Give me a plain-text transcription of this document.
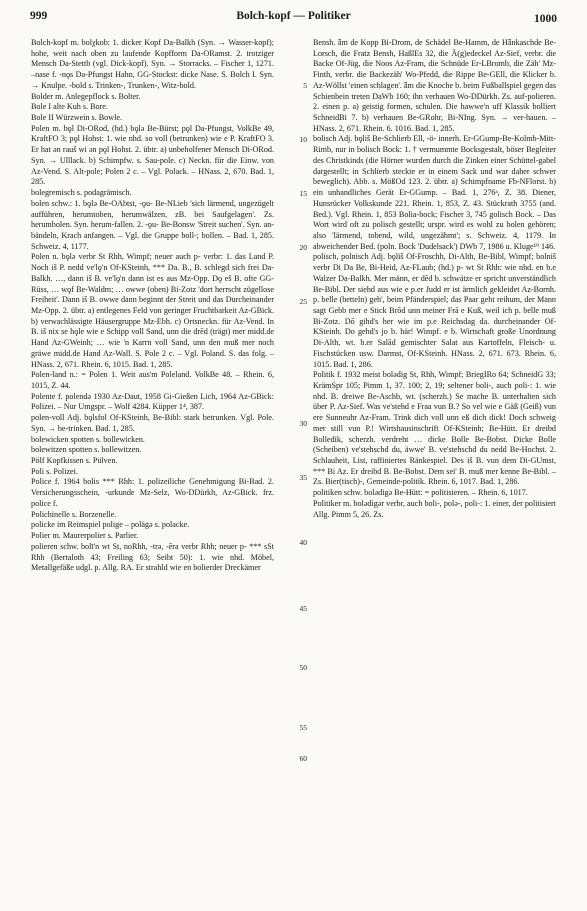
999	Bolch-kopf — Politiker	1000

Bolch-kopf m. bolχkob: 1. dicker Kopf Da-Balkh (Syn. → Wasser-kopf); hohe, weit nach oben zu laufende Kopfform Da-ORamst. 2. trotziger Mensch Da-Stettb (vgl. Dick-kopf). Syn. → Storracks. – Fischer 1, 1271. –nase f. -nǫs Da-Pfungst Hahn, GG-Stockst: dicke Nase. S. Bolch I. Syn. → Knulpe. -bold s. Trinken-, Trunken-, Witz-bold.

Bolder m. Anlegepflock s. Bolter.

Bole I alte Kuh s. Bore.

Bole II Würzwein s. Bowle.

Polen m. bǫl Di-ORod, (hd.) bǫlə Be-Bürst; pǫl Da-Pfungst, VolkBe 49, KraftFO 3; pǫl Hohst: 1. wie nhd. so voll (betrunken) wie e P. KraftFO 3. Er hat ən rauš wi ən pǫl Hohst. 2. übtr. a) unbeholfener Mensch Di-ORod. Syn. → Ulllack. b) Schimpfw. s. Sau-pole. c) Neckn. für die Einw. von Az-Vend. S. Alt-pole; Polen 2 c. – Vgl. Polack. – HNass. 2, 670. Bad. 1, 285.

bolegremisch s. podagrämisch.

bolen schw.: 1. bǫlə Be-OAbtst, -ǫu- Be-NLieb 'sich lärmend, ungezügelt aufführen, herumtoben, herumwälzen, zB. bei Saufgelagen'. Zs. herumbolen. Syn. herum-fallen. 2. -ǫu- Be-Bonsw 'Streit suchen'. Syn. an-bändeln, Krach anfangen. – Vgl. die Gruppe boll-; bollen. – Bad. 1, 285. Schweiz. 4, 1177.

Polen n. bǫlə verbr St Rhh, Wimpf; neuer auch p- verbr: 1. das Land P. Noch iš P. nedd ve'lǫ'n Of-KSteinh, *** Da. B., B. schlegd sich frei Da-Balkh. …, dann iš B. ve'lǫ'n dann ist es aus Mz-Opp. Dǫ eš B. ofte GG-Rüss, … wǫf Be-Waldm; … owwe (oben) Bi-Zotz 'dort herrscht zügellose Freiheit'. Dann iš B. owwe dann beginnt der Streit und das Durcheinander Mz-Opp. 2. übtr. a) entlegenes Feld von geringer Fruchtbarkeit Az-GBick. b) verwachlässigte Häusergruppe Mz-Ebh. c) Ortsneckn. für Az-Vend. In B. iš nix se hǫle wie e Schipp voll Sand, unn die drēd (trägt) mer midd.de Hand Az-GWeinh; … wie 'n Karrn voll Sand, unn den muß mer noch gräwe midd.de Hand Az-Wall. S. Pole 2 c. – Vgl. Poland. S. das folg. – HNass. 2, 671. Rhein. 6, 1015. Bad. 1, 285.

Polen-land n.: = Polen 1. Weit aus'm Poleland. VolkBe 48. – Rhein. 6, 1015, Z. 44.

Polente f. polendə 1930 Az-Daut, 1958 Gi-Gießen Lich, 1964 Az-GBick: Polizei. – Nur Umgspr. – Wolf 4284. Küpper 1⁴, 387.

polen-voll Adj. bǫlsfol Of-KSteinh, Be-Bibl: stark betrunken. Vgl. Pole. Syn. → be-trinken. Bad. 1, 285.

bolewicken spotten s. bollewicken.

bolewitzen spotten s. bollewitzen.

Pölf Kopfkissen s. Pülven.

Poli s. Polizei.

Police f. 1964 bolis *** Rhh: 1. polizeiliche Genehmigung Bi-Bad. 2. Versicherungsschein, -urkunde Mz-Selz, Wo-DDürkh, Az-GBick. frz. police f.

Polichinelle s. Borzenelle.

policke im Reimspiel polige – polägə s. polacke.

Polier m. Maurerpolier s. Parlier.

polieren schw. bolī'n wt St, noRhh, -trə, -ēra verbr Rhh; neuer p- *** sSt Rhh (Bertaloth 43; Freiling 63; Seibt 50): 1. wie nhd. Möbel, Metallgefäße udgl. p. Allg. RA. Er strahld wie en bolierder Dreckämer

5
10
15
20
25
30
35
40
45
50
55
60

Bensh. ǟm de Kopp Bi-Drom, de Schädel Be-Hamm, de Hǟnkaschde Be-Lorsch, die Fratz Bensh, HaßlEs 32, die Ä(g)edeckel Az-Sief, verbr. die Backe Of-Jüg, die Noos Az-Fram, die Schnüde Er-LBromb, die Zäh' Mz-Finth, verbr. die Backezäh' Wo-Pfedd, die Rippe Be-GEll, die Klicker b. Az-Wöllst 'einen schlagen'. ǟm die Knoche b. beim Fußballspiel gegen das Schienbein treten DaWb 160; ihn verhauen Wo-DDürkh. Zs. auf-polieren. 2. einen p. a) geistig formen, schulen. Die hawwe'n uff Klassik bolliert SchneidBi 7. b) verhauen Be-GRohr, Bi-NIng. Syn. → ver-hauen. – HNass. 2, 671. Rhein. 6. 1016. Bad. 1, 285.

bolisch Adj. bǫliš Be-Schlierb Ell, -ö- innerh. Er-GGump-Be-Kolmb-Mitt-Rimb, nur in bolisch Bock: 1. † vermummte Bocksgestalt, böser Begleiter des Christkinds (die Hörner wurden durch die Zinken einer Schüttel-gabel dargestellt; in Schlierb steckte er in einem Sack und war daher schwer beweglich). Abb. s. MößOd 123. 2. übtr. a) Schimpfname Fb-NFlorst. b) ein unhandliches Gerät Er-GGump. – Bad. 1, 276ᵃ, Z. 38. Diener, Hunsrücker Volkskunde 221. Rhein. 1, 853, Z. 43. Stückrath 3755 (and. Bed.). Vgl. Rhein. 1, 853 Bolia-bock; Fischer 3, 745 golisch Bock. – Das Wort wird oft zu polisch gestellt; urspr. wird es wohl zu bolen gehören; also 'lärmend, tobend, wild, ungezähmt'; s. Schweiz. 4, 1179. In abweichender Bed. (poln. Bock 'Dudelsack') DWb 7, 1986 u. Kluge¹⁹ 146.

polisch, polnisch Adj. bǫliš Of-Froschh, Di-Alth, Be-Bibl, Wimpf; bolniš verbr Di Da Be, Bi-Heid, Az-FLaub; (hd.) p- wt St Rhh: wie nhd. en b.e Walzer Da-Balkh. Mer männ, er dēd b. schwätze er spricht unverständlich Be-Bibl. Der siehd aus wie e p.er Judd er ist ärmlich gekleidet Az-Bornh. p. belle (betteln) geh', beim Pfänderspiel; das Paar geht reihum, der Mann sagt Gebb mer e Stick Brōd unn meiner Frā e Kuß, weil ich p. belle muß Bi-Zotz. Dō gihd's her wie im p.e Reichsdag da. durcheinander Of-KSteinh. Do gehd's jo b. här! Wimpf. e b. Wirtschaft große Unordnung Di-Alth, wt. b.er Salād gemischter Salat aus Kartoffeln, Fleisch- u. Fischstücken usw. Darmst, Of-KSteinh. HNass. 2, 671. 673. Rhein. 6, 1015. Bad. 1, 286.

Politik f. 1932 meist bolədig St, Rhh, Wimpf; BriegIRo 64; SchneidG 33; KrämSpr 105; Pimm 1, 37. 100; 2, 19; seltener boli-, auch poli-: 1. wie nhd. B. dreiwe Be-Aschb, wt. (scherzh.) Se mache B. unterhalten sich über P. Az-Sief. Was ve'stehd e Fraa vun B.? So vel wie e Gäß (Geiß) vun ere Sunneuhr Az-Fram. Trink dich voll unn eß dich dick! Doch schweig mer still vun P.! Wirtshausinschrift Of-KSteinh; Be-Hütt. Er dreibd Bolledik, scherzh. verdreht … dicke Bolle Be-Bobst. Dicke Bolle (Scheiben) ve'stehschd du, äwwe' B. ve'stehschd du nedd Be-Hochst. 2. Schlauheit, List, raffiniertes Ränkespiel. Des iš B. vun dem Di-GUmst, *** Bi Az. Er dreibd B. Be-Bobst. Dem sei' B. muß mer kenne Be-Bibl. – Zs. Bier(tisch)-, Gemeinde-politik. Rhein. 6, 1017. Bad. 1, 286.

politiken schw. bolədigə Be-Hütt: = politisieren. – Rhein. 6, 1017.

Politiker m. bolədigər verbr, auch boli-, polə-, poli-: 1. einer, der politisiert Allg. Pimm 5, 26. Zs.
